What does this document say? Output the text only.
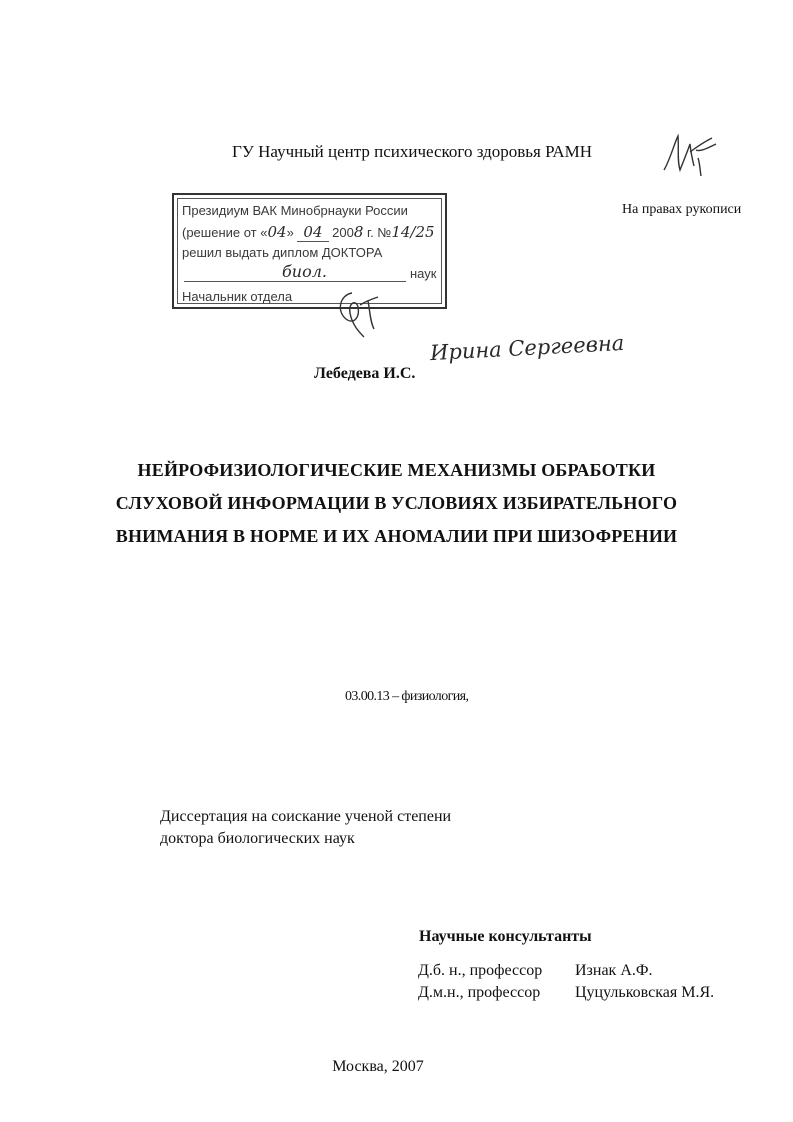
ГУ Научный центр психического здоровья РАМН
На правах рукописи
Президиум ВАК Минобрнауки России
(решение от «04» 04 2008 г. №14/25
решил выдать диплом ДОКТОРА
биол.	наук
Начальник отдела
Ирина Сергеевна
Лебедева И.С.
НЕЙРОФИЗИОЛОГИЧЕСКИЕ МЕХАНИЗМЫ ОБРАБОТКИ
СЛУХОВОЙ ИНФОРМАЦИИ В УСЛОВИЯХ ИЗБИРАТЕЛЬНОГО
ВНИМАНИЯ В НОРМЕ И ИХ АНОМАЛИИ ПРИ ШИЗОФРЕНИИ
03.00.13 – физиология,
Диссертация на соискание ученой степени
доктора биологических наук
Научные консультанты
Д.б. н., профессор Изнак А.Ф.
Д.м.н., профессор Цуцульковская М.Я.
Москва, 2007
